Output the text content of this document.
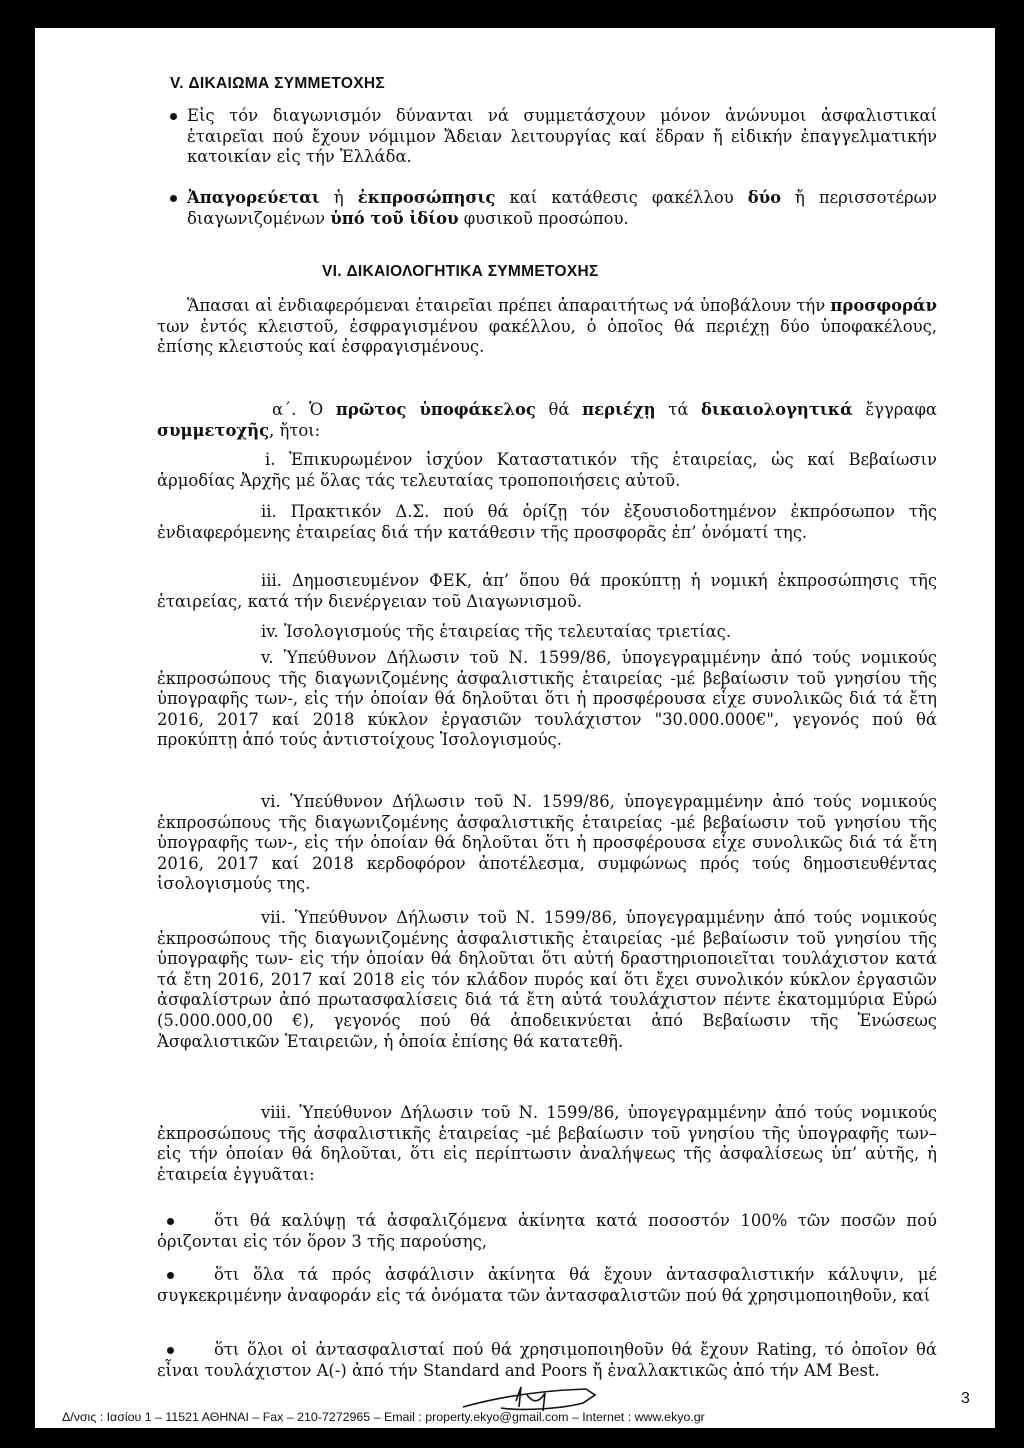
V. ΔΙΚΑΙΩΜΑ ΣΥΜΜΕΤΟΧΗΣ

Εἰς τόν διαγωνισμόν δύνανται νά συμμετάσχουν μόνον ἀνώνυμοι ἀσφαλιστικαί ἑταιρεῖαι πού ἔχουν νόμιμον Ἄδειαν λειτουργίας καί ἕδραν ἤ εἰδικήν ἐπαγγελματικήν κατοικίαν εἰς τήν Ἑλλάδα.

Ἀπαγορεύεται ἡ ἐκπροσώπησις καί κατάθεσις φακέλλου δύο ἤ περισσοτέρων διαγωνιζομένων ὑπό τοῦ ἰδίου φυσικοῦ προσώπου.

VI. ΔΙΚΑΙΟΛΟΓΗΤΙΚΑ ΣΥΜΜΕΤΟΧΗΣ

Ἅπασαι αἱ ἐνδιαφερόμεναι ἑταιρεῖαι πρέπει ἀπαραιτήτως νά ὑποβάλουν τήν προσφοράν των ἐντός κλειστοῦ, ἐσφραγισμένου φακέλλου, ὁ ὁποῖος θά περιέχῃ δύο ὑποφακέλους, ἐπίσης κλειστούς καί ἐσφραγισμένους.

α΄. Ὁ πρῶτος ὑποφάκελος θά περιέχῃ τά δικαιολογητικά ἔγγραφα συμμετοχῆς, ἤτοι:

i. Ἐπικυρωμένον ἰσχύον Καταστατικόν τῆς ἑταιρείας, ὡς καί Βεβαίωσιν ἁρμοδίας Ἀρχῆς μέ ὅλας τάς τελευταίας τροποποιήσεις αὐτοῦ.

ii. Πρακτικόν Δ.Σ. πού θά ὁρίζῃ τόν ἐξουσιοδοτημένον ἐκπρόσωπον τῆς ἐνδιαφερόμενης ἑταιρείας διά τήν κατάθεσιν τῆς προσφορᾶς ἐπ’ ὀνόματί της.

iii. Δημοσιευμένον ΦΕΚ, ἀπ’ ὅπου θά προκύπτῃ ἡ νομική ἐκπροσώπησις τῆς ἑταιρείας, κατά τήν διενέργειαν τοῦ Διαγωνισμοῦ.

iv. Ἰσολογισμούς τῆς ἑταιρείας τῆς τελευταίας τριετίας.

v. Ὑπεύθυνον Δήλωσιν τοῦ Ν. 1599/86, ὑπογεγραμμένην ἀπό τούς νομικούς ἐκπροσώπους τῆς διαγωνιζομένης ἀσφαλιστικῆς ἑταιρείας -μέ βεβαίωσιν τοῦ γνησίου τῆς ὑπογραφῆς των-, εἰς τήν ὁποίαν θά δηλοῦται ὅτι ἡ προσφέρουσα εἶχε συνολικῶς διά τά ἔτη 2016, 2017 καί 2018 κύκλον ἐργασιῶν τουλάχιστον "30.000.000€", γεγονός πού θά προκύπτῃ ἀπό τούς ἀντιστοίχους Ἰσολογισμούς.

vi. Ὑπεύθυνον Δήλωσιν τοῦ Ν. 1599/86, ὑπογεγραμμένην ἀπό τούς νομικούς ἐκπροσώπους τῆς διαγωνιζομένης ἀσφαλιστικῆς ἑταιρείας -μέ βεβαίωσιν τοῦ γνησίου τῆς ὑπογραφῆς των-, εἰς τήν ὁποίαν θά δηλοῦται ὅτι ἡ προσφέρουσα εἶχε συνολικῶς διά τά ἔτη 2016, 2017 καί 2018 κερδοφόρον ἀποτέλεσμα, συμφώνως πρός τούς δημοσιευθέντας ἰσολογισμούς της.

vii. Ὑπεύθυνον Δήλωσιν τοῦ Ν. 1599/86, ὑπογεγραμμένην ἀπό τούς νομικούς ἐκπροσώπους τῆς διαγωνιζομένης ἀσφαλιστικῆς ἑταιρείας -μέ βεβαίωσιν τοῦ γνησίου τῆς ὑπογραφῆς των- εἰς τήν ὁποίαν θά δηλοῦται ὅτι αὐτή δραστηριοποιεῖται τουλάχιστον κατά τά ἔτη 2016, 2017 καί 2018 εἰς τόν κλάδον πυρός καί ὅτι ἔχει συνολικόν κύκλον ἐργασιῶν ἀσφαλίστρων ἀπό πρωτασφαλίσεις διά τά ἔτη αὐτά τουλάχιστον πέντε ἑκατομμύρια Εὐρώ (5.000.000,00 €), γεγονός πού θά ἀποδεικνύεται ἀπό Βεβαίωσιν τῆς Ἑνώσεως Ἀσφαλιστικῶν Ἑταιρειῶν, ἡ ὁποία ἐπίσης θά κατατεθῆ.

viii. Ὑπεύθυνον Δήλωσιν τοῦ Ν. 1599/86, ὑπογεγραμμένην ἀπό τούς νομικούς ἐκπροσώπους τῆς ἀσφαλιστικῆς ἑταιρείας -μέ βεβαίωσιν τοῦ γνησίου τῆς ὑπογραφῆς των– εἰς τήν ὁποίαν θά δηλοῦται, ὅτι εἰς περίπτωσιν ἀναλήψεως τῆς ἀσφαλίσεως ὑπ’ αὐτῆς, ἡ ἑταιρεία ἐγγυᾶται:

ὅτι θά καλύψῃ τά ἀσφαλιζόμενα ἀκίνητα κατά ποσοστόν 100% τῶν ποσῶν πού ὁριζονται εἰς τόν ὅρον 3 τῆς παρούσης,

ὅτι ὅλα τά πρός ἀσφάλισιν ἀκίνητα θά ἔχουν ἀντασφαλιστικήν κάλυψιν, μέ συγκεκριμένην ἀναφοράν εἰς τά ὀνόματα τῶν ἀντασφαλιστῶν πού θά χρησιμοποιηθοῦν, καί

ὅτι ὅλοι οἱ ἀντασφαλισταί πού θά χρησιμοποιηθοῦν θά ἔχουν Rating, τό ὁποῖον θά εἶναι τουλάχιστον A(-) ἀπό τήν Standard and Poors ἤ ἐναλλακτικῶς ἀπό τήν AM Best.

3
Δ/νσις : Ιασίου 1 – 11521 ΑΘΗΝΑΙ – Fax – 210-7272965 – Email : property.ekyo@gmail.com – Internet : www.ekyo.gr
